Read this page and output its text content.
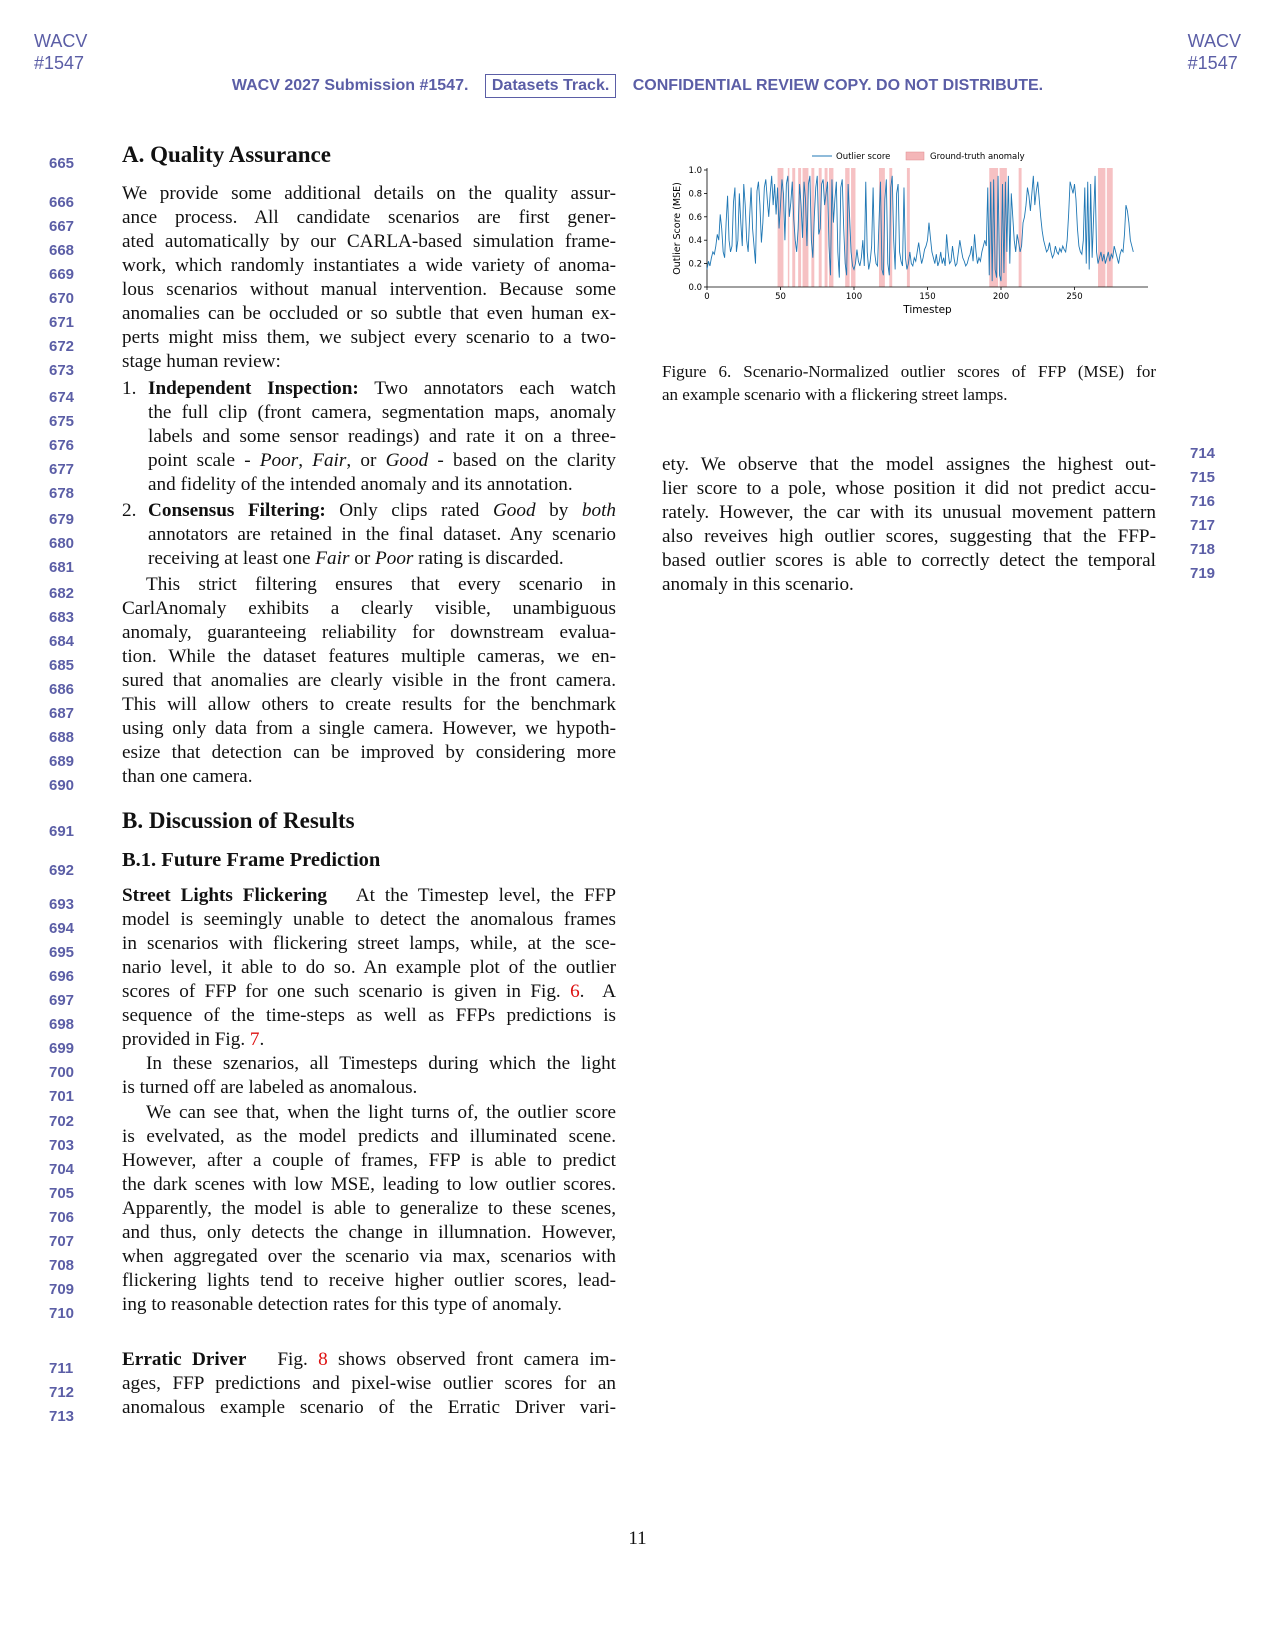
WACV
#1547
WACV
#1547
WACV 2027 Submission #1547. Datasets Track. CONFIDENTIAL REVIEW COPY. DO NOT DISTRIBUTE.
665
666
667
668
669
670
671
672
673
674
675
676
677
678
679
680
681
682
683
684
685
686
687
688
689
690
691
692
693
694
695
696
697
698
699
700
701
702
703
704
705
706
707
708
709
710
711
712
713
714
715
716
717
718
719
A. Quality Assurance
We provide some additional details on the quality assur-
ance process. All candidate scenarios are first gener-
ated automatically by our CARLA-based simulation frame-
work, which randomly instantiates a wide variety of anoma-
lous scenarios without manual intervention. Because some
anomalies can be occluded or so subtle that even human ex-
perts might miss them, we subject every scenario to a two-
stage human review:
1. Independent Inspection: Two annotators each watch
the full clip (front camera, segmentation maps, anomaly
labels and some sensor readings) and rate it on a three-
point scale - Poor, Fair, or Good - based on the clarity
and fidelity of the intended anomaly and its annotation.
2. Consensus Filtering: Only clips rated Good by both
annotators are retained in the final dataset. Any scenario
receiving at least one Fair or Poor rating is discarded.
This strict filtering ensures that every scenario in
CarlAnomaly exhibits a clearly visible, unambiguous
anomaly, guaranteeing reliability for downstream evalua-
tion. While the dataset features multiple cameras, we en-
sured that anomalies are clearly visible in the front camera.
This will allow others to create results for the benchmark
using only data from a single camera. However, we hypoth-
esize that detection can be improved by considering more
than one camera.
B. Discussion of Results
B.1. Future Frame Prediction
Street Lights Flickering At the Timestep level, the FFP
model is seemingly unable to detect the anomalous frames
in scenarios with flickering street lamps, while, at the sce-
nario level, it able to do so. An example plot of the outlier
scores of FFP for one such scenario is given in Fig. 6.  A
sequence of the time-steps as well as FFPs predictions is
provided in Fig. 7.
In these szenarios, all Timesteps during which the light
is turned off are labeled as anomalous.
We can see that, when the light turns of, the outlier score
is evelvated, as the model predicts and illuminated scene.
However, after a couple of frames, FFP is able to predict
the dark scenes with low MSE, leading to low outlier scores.
Apparently, the model is able to generalize to these scenes,
and thus, only detects the change in illumnation. However,
when aggregated over the scenario via max, scenarios with
flickering lights tend to receive higher outlier scores, lead-
ing to reasonable detection rates for this type of anomaly.
Erratic Driver Fig. 8 shows observed front camera im-
ages, FFP predictions and pixel-wise outlier scores for an
anomalous example scenario of the Erratic Driver vari-
0	50	100	150	200	250
0.0
0.2
0.4
0.6
0.8
1.0
Timestep
Outlier Score (MSE)
Outlier score	Ground-truth anomaly
Figure 6. Scenario-Normalized outlier scores of FFP (MSE) for
an example scenario with a flickering street lamps.
ety. We observe that the model assignes the highest out-
lier score to a pole, whose position it did not predict accu-
rately. However, the car with its unusual movement pattern
also reveives high outlier scores, suggesting that the FFP-
based outlier scores is able to correctly detect the temporal
anomaly in this scenario.
11
